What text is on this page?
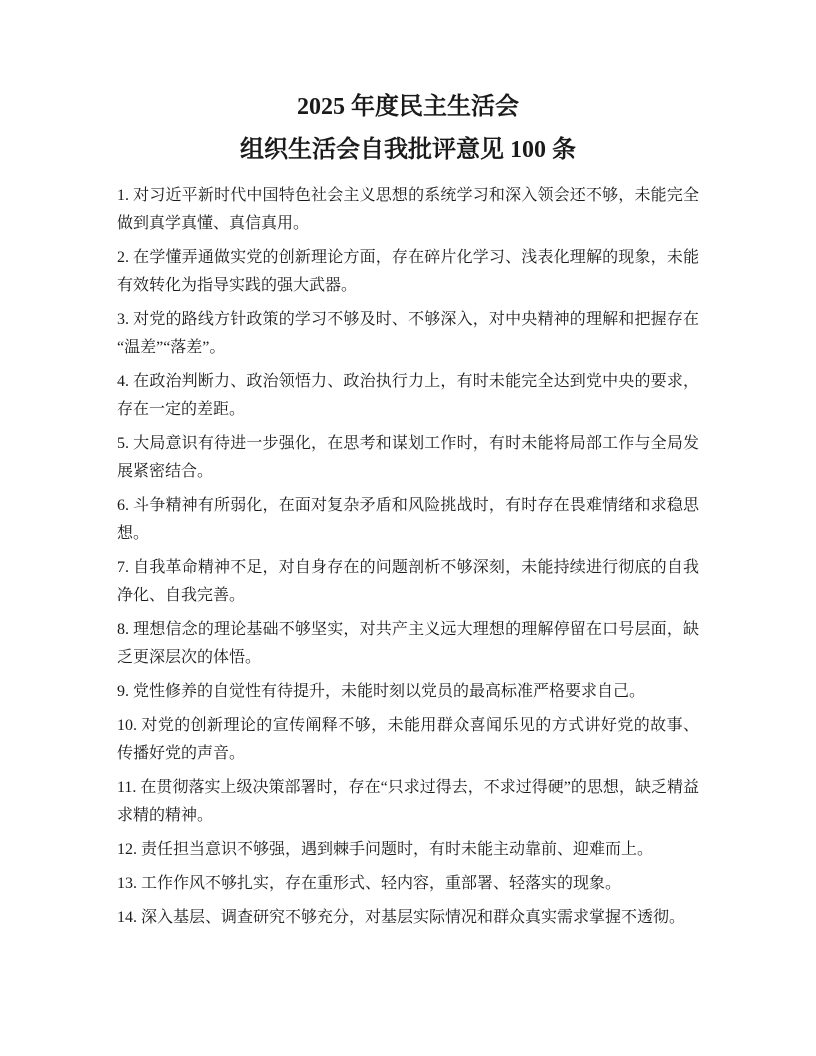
2025 年度民主生活会
组织生活会自我批评意见 100 条

1. 对习近平新时代中国特色社会主义思想的系统学习和深入领会还不够，未能完全做到真学真懂、真信真用。

2. 在学懂弄通做实党的创新理论方面，存在碎片化学习、浅表化理解的现象，未能有效转化为指导实践的强大武器。

3. 对党的路线方针政策的学习不够及时、不够深入，对中央精神的理解和把握存在“温差”“落差”。

4. 在政治判断力、政治领悟力、政治执行力上，有时未能完全达到党中央的要求，存在一定的差距。

5. 大局意识有待进一步强化，在思考和谋划工作时，有时未能将局部工作与全局发展紧密结合。

6. 斗争精神有所弱化，在面对复杂矛盾和风险挑战时，有时存在畏难情绪和求稳思想。

7. 自我革命精神不足，对自身存在的问题剖析不够深刻，未能持续进行彻底的自我净化、自我完善。

8. 理想信念的理论基础不够坚实，对共产主义远大理想的理解停留在口号层面，缺乏更深层次的体悟。

9. 党性修养的自觉性有待提升，未能时刻以党员的最高标准严格要求自己。

10. 对党的创新理论的宣传阐释不够，未能用群众喜闻乐见的方式讲好党的故事、传播好党的声音。

11. 在贯彻落实上级决策部署时，存在“只求过得去，不求过得硬”的思想，缺乏精益求精的精神。

12. 责任担当意识不够强，遇到棘手问题时，有时未能主动靠前、迎难而上。

13. 工作作风不够扎实，存在重形式、轻内容，重部署、轻落实的现象。

14. 深入基层、调查研究不够充分，对基层实际情况和群众真实需求掌握不透彻。
